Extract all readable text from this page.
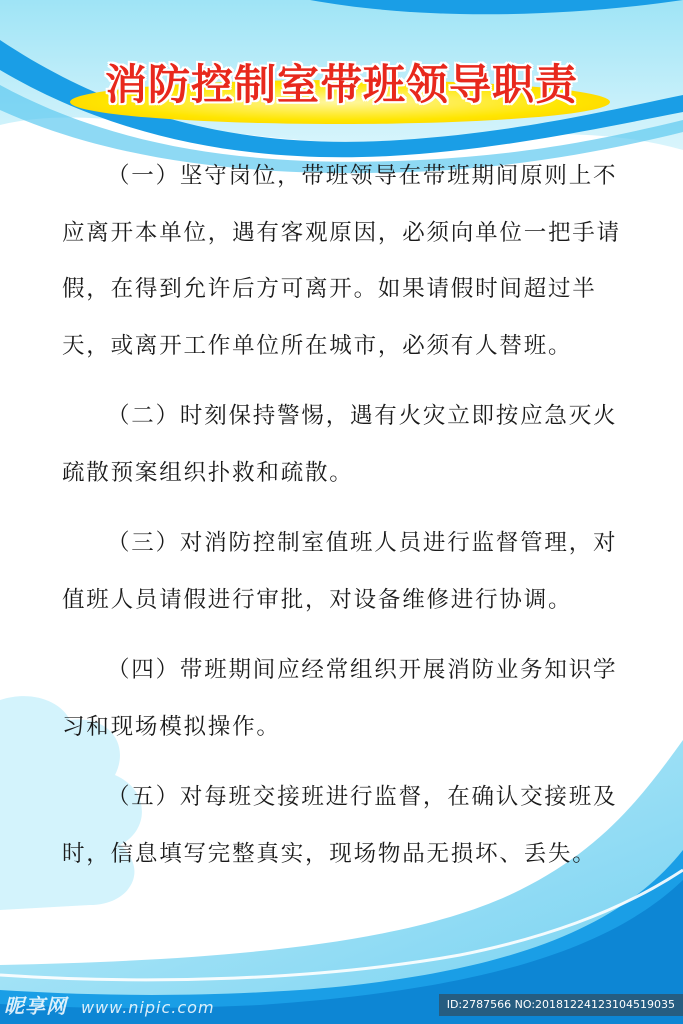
消防控制室带班领导职责

（一）坚守岗位，带班领导在带班期间原则上不应离开本单位，遇有客观原因，必须向单位一把手请假，在得到允许后方可离开。如果请假时间超过半天，或离开工作单位所在城市，必须有人替班。

（二）时刻保持警惕，遇有火灾立即按应急灭火疏散预案组织扑救和疏散。

（三）对消防控制室值班人员进行监督管理，对值班人员请假进行审批，对设备维修进行协调。

（四）带班期间应经常组织开展消防业务知识学习和现场模拟操作。

（五）对每班交接班进行监督，在确认交接班及时，信息填写完整真实，现场物品无损坏、丢失。

昵享网 www.nipic.com	ID:2787566 NO:20181224123104519035
